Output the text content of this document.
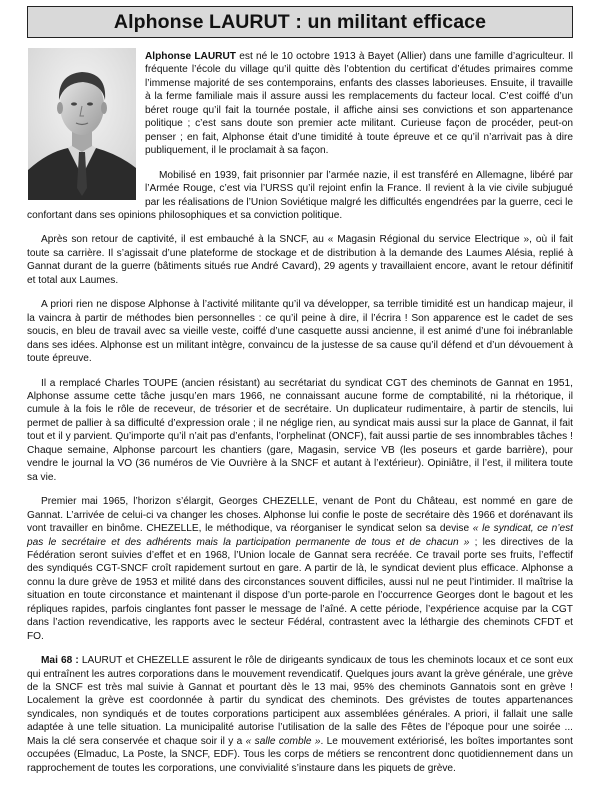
Alphonse LAURUT : un militant efficace

Alphonse LAURUT est né le 10 octobre 1913 à Bayet (Allier) dans une famille d’agriculteur. Il fréquente l’école du village qu’il quitte dès l’obtention du certificat d’études primaires comme l’immense majorité de ses contemporains, enfants des classes laborieuses. Ensuite, il travaille à la ferme familiale mais il assure aussi les remplacements du facteur local. C’est coiffé d’un béret rouge qu’il fait la tournée postale, il affiche ainsi ses convictions et son appartenance politique ; c’est sans doute son premier acte militant. Curieuse façon de procéder, peut-on penser ; en fait, Alphonse était d’une timidité à toute épreuve et ce qu’il n’arrivait pas à dire publiquement, il le proclamait à sa façon.

Mobilisé en 1939, fait prisonnier par l’armée nazie, il est transféré en Allemagne, libéré par l’Armée Rouge, c’est via l’URSS qu’il rejoint enfin la France. Il revient à la vie civile subjugué par les réalisations de l’Union Soviétique malgré les difficultés engendrées par la guerre, ceci le confortant dans ses opinions philosophiques et sa conviction politique.

Après son retour de captivité, il est embauché à la SNCF, au « Magasin Régional du service Electrique », où il fait toute sa carrière. Il s’agissait d’une plateforme de stockage et de distribution à la demande des Laumes Alésia, replié à Gannat durant de la guerre (bâtiments situés rue André Cavard), 29 agents y travaillaient encore, avant le retour définitif et total aux Laumes.

A priori rien ne dispose Alphonse à l’activité militante qu’il va développer, sa terrible timidité est un handicap majeur, il la vaincra à partir de méthodes bien personnelles : ce qu’il peine à dire, il l’écrira ! Son apparence est le cadet de ses soucis, en bleu de travail avec sa vieille veste, coiffé d’une casquette aussi ancienne, il est animé d’une foi inébranlable dans ses idées. Alphonse est un militant intègre, convaincu de la justesse de sa cause qu’il défend et d’un dévouement à toute épreuve.

Il a remplacé Charles TOUPE (ancien résistant) au secrétariat du syndicat CGT des cheminots de Gannat en 1951, Alphonse assume cette tâche jusqu’en mars 1966, ne connaissant aucune forme de comptabilité, ni la rhétorique, il cumule à la fois le rôle de receveur, de trésorier et de secrétaire. Un duplicateur rudimentaire, à partir de stencils, lui permet de pallier à sa difficulté d’expression orale ; il ne néglige rien, au syndicat mais aussi sur la place de Gannat, il fait tout et il y parvient. Qu’importe qu’il n’ait pas d’enfants, l’orphelinat (ONCF), fait aussi partie de ses innombrables tâches ! Chaque semaine, Alphonse parcourt les chantiers (gare, Magasin, service VB (les poseurs et garde barrière), pour vendre le journal la VO (36 numéros de Vie Ouvrière à la SNCF et autant à l’extérieur). Opiniâtre, il l’est, il militera toute sa vie.

Premier mai 1965, l’horizon s’élargit, Georges CHEZELLE, venant de Pont du Château, est nommé en gare de Gannat. L’arrivée de celui-ci va changer les choses. Alphonse lui confie le poste de secrétaire dès 1966 et dorénavant ils vont travailler en binôme. CHEZELLE, le méthodique, va réorganiser le syndicat selon sa devise « le syndicat, ce n’est pas le secrétaire et des adhérents mais la participation permanente de tous et de chacun » ; les directives de la Fédération seront suivies d’effet et en 1968, l’Union locale de Gannat sera recréée. Ce travail porte ses fruits, l’effectif des syndiqués CGT-SNCF croît rapidement surtout en gare. A partir de là, le syndicat devient plus efficace. Alphonse a connu la dure grève de 1953 et milité dans des circonstances souvent difficiles, aussi nul ne peut l’intimider. Il maîtrise la situation en toute circonstance et maintenant il dispose d’un porte-parole en l’occurrence Georges dont le bagout et les répliques rapides, parfois cinglantes font passer le message de l’aîné. A cette période, l’expérience acquise par la CGT dans l’action revendicative, les rapports avec le secteur Fédéral, contrastent avec la léthargie des cheminots CFDT et FO.

Mai 68 : LAURUT et CHEZELLE assurent le rôle de dirigeants syndicaux de tous les cheminots locaux et ce sont eux qui entraînent les autres corporations dans le mouvement revendicatif. Quelques jours avant la grève générale, une grève de la SNCF est très mal suivie à Gannat et pourtant dès le 13 mai, 95% des cheminots Gannatois sont en grève ! Localement la grève est coordonnée à partir du syndicat des cheminots. Des grévistes de toutes appartenances syndicales, non syndiqués et de toutes corporations participent aux assemblées générales. A priori, il fallait une salle adaptée à une telle situation. La municipalité autorise l’utilisation de la salle des Fêtes de l’époque pour une soirée ... Mais la clé sera conservée et chaque soir il y a « salle comble ». Le mouvement extériorisé, les boîtes importantes sont occupées (Elmaduc, La Poste, la SNCF, EDF). Tous les corps de métiers se rencontrent donc quotidiennement dans un rapprochement de toutes les corporations, une convivialité s’instaure dans les piquets de grève.
